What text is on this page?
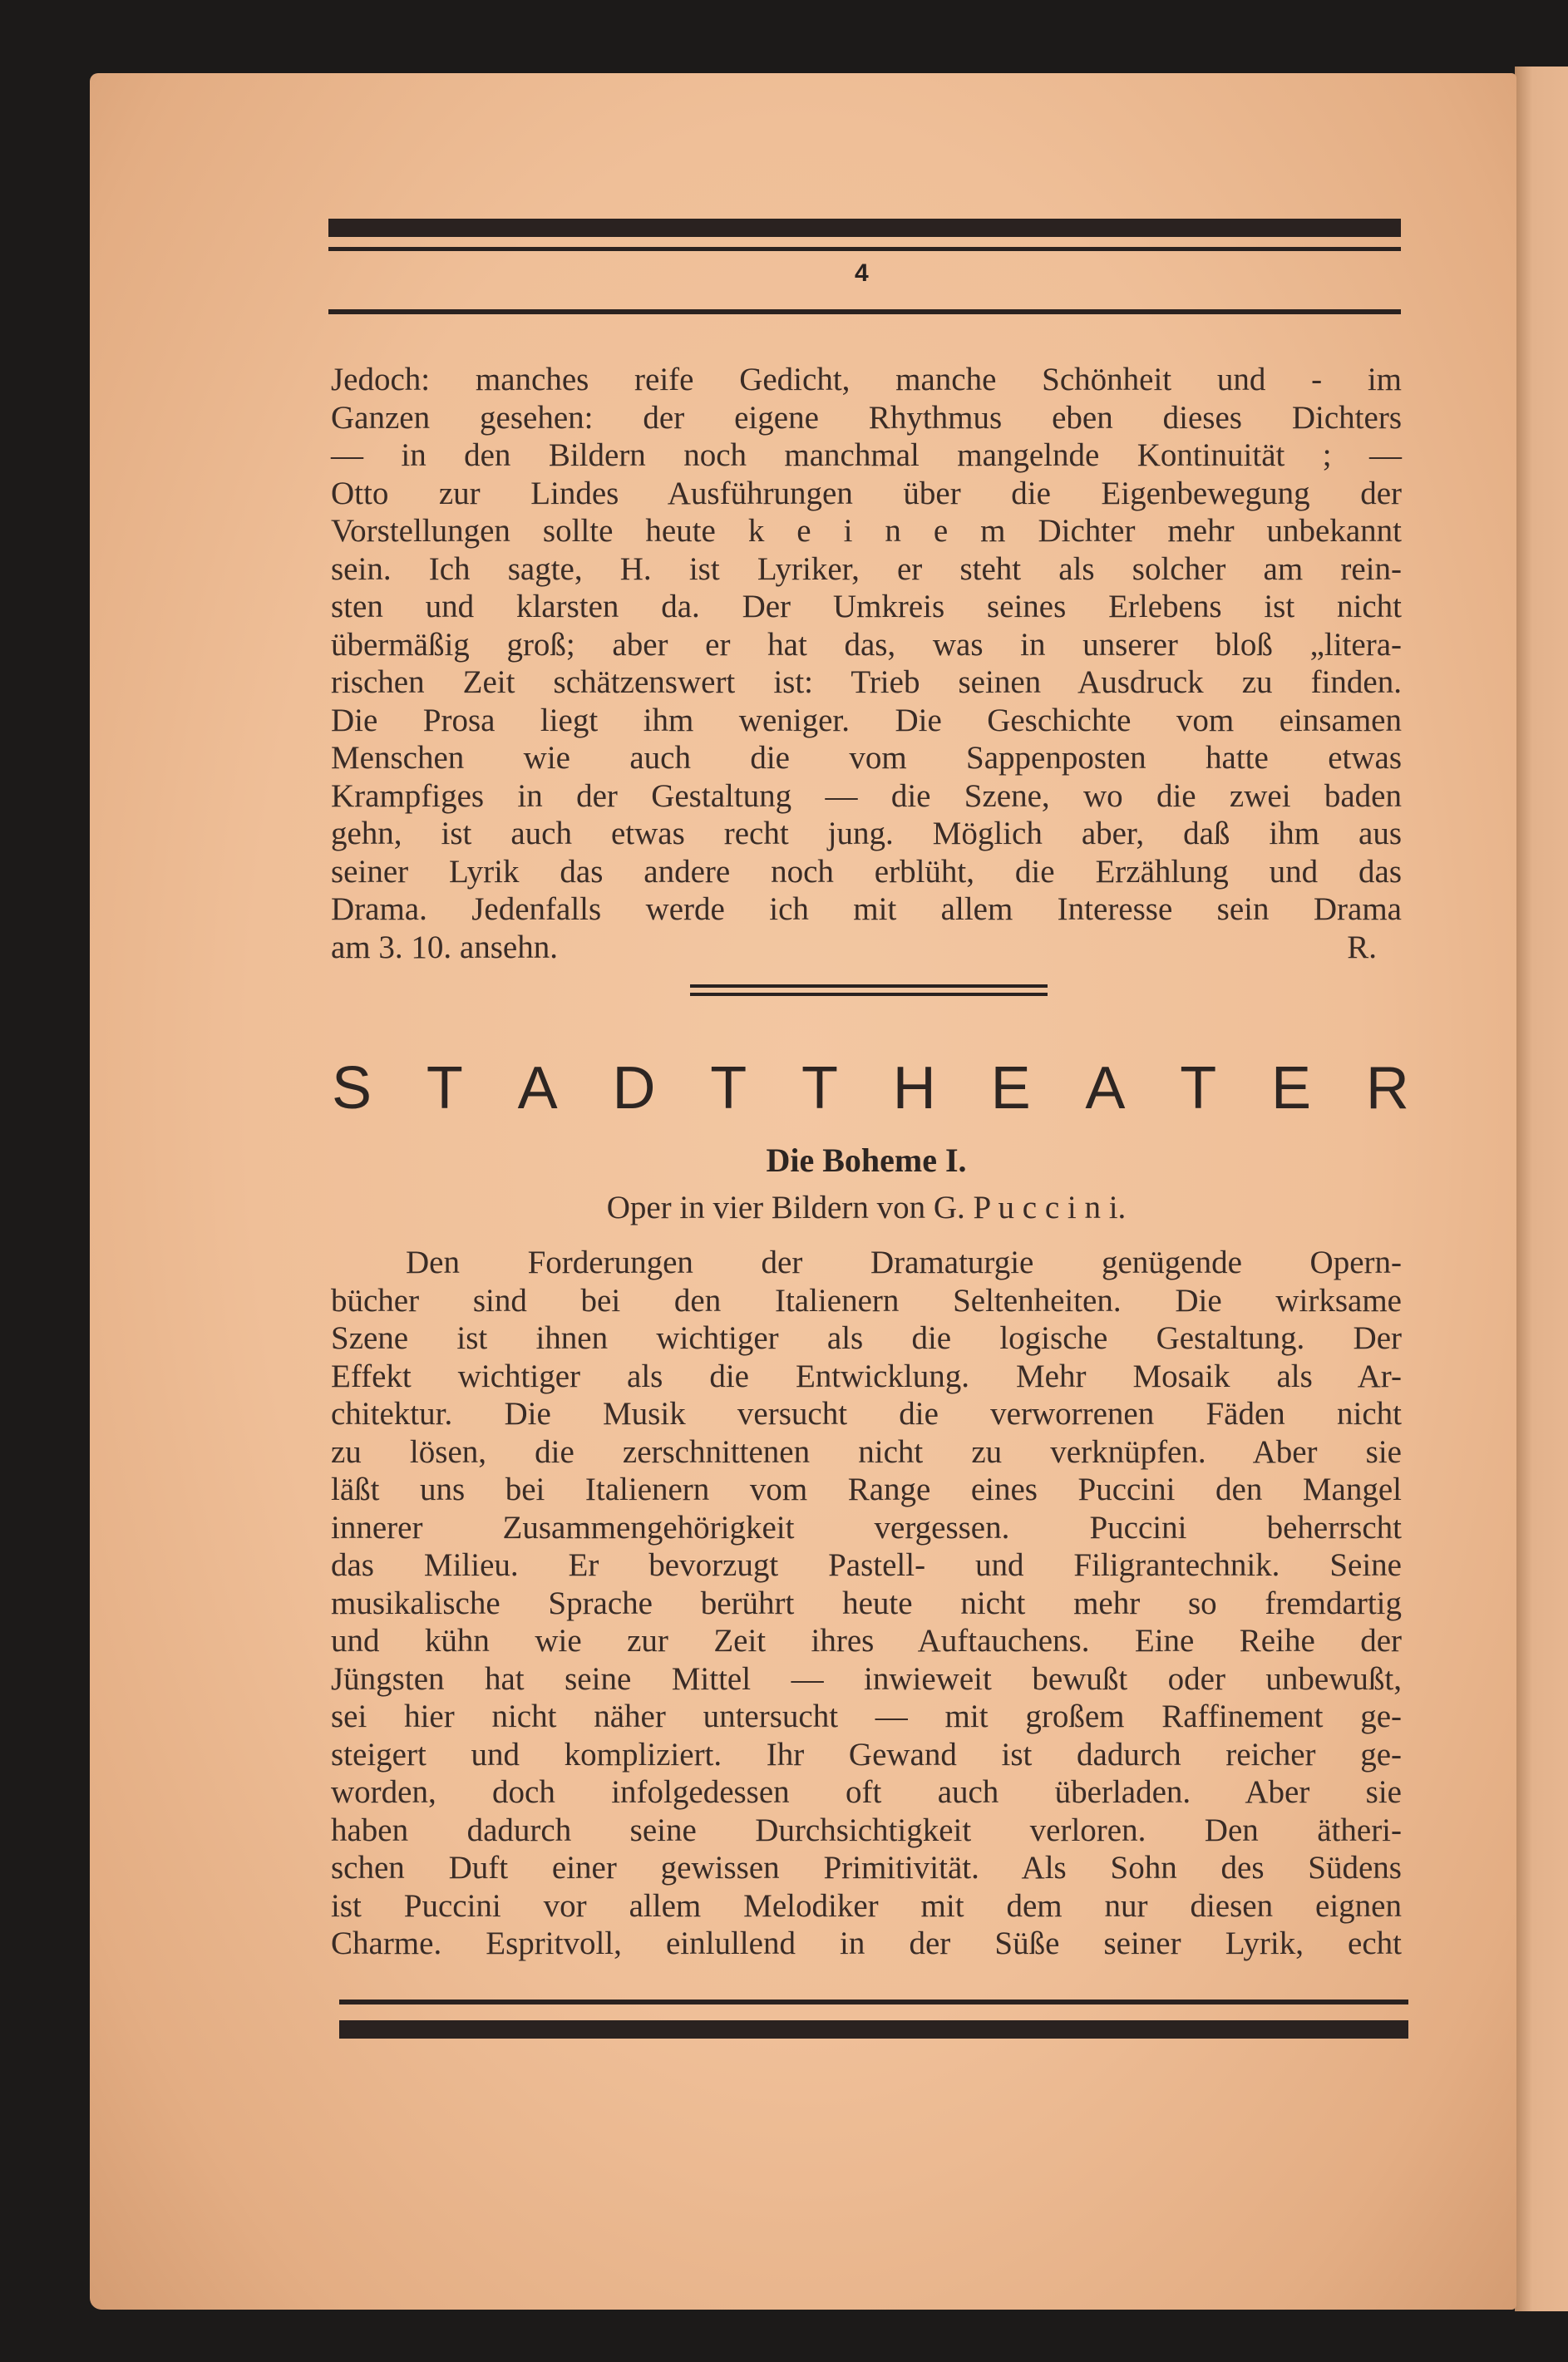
4
Jedoch: manches reife Gedicht, manche Schönheit und - im
Ganzen gesehen: der eigene Rhythmus eben dieses Dichters
— in den Bildern noch manchmal mangelnde Kontinuität ; —
Otto zur Lindes Ausführungen über die Eigenbewegung der
Vorstellungen sollte heute k e i n e m Dichter mehr unbekannt
sein. Ich sagte, H. ist Lyriker, er steht als solcher am rein-
sten und klarsten da. Der Umkreis seines Erlebens ist nicht
übermäßig groß; aber er hat das, was in unserer bloß „litera-
rischen Zeit schätzenswert ist: Trieb seinen Ausdruck zu finden.
Die Prosa liegt ihm weniger. Die Geschichte vom einsamen
Menschen wie auch die vom Sappenposten hatte etwas
Krampfiges in der Gestaltung — die Szene, wo die zwei baden
gehn, ist auch etwas recht jung. Möglich aber, daß ihm aus
seiner Lyrik das andere noch erblüht, die Erzählung und das
Drama. Jedenfalls werde ich mit allem Interesse sein Drama
am 3. 10. ansehn.	R.
S T A D T T H E A T E R
Die Boheme I.
Oper in vier Bildern von G. P u c c i n i.
Den Forderungen der Dramaturgie genügende Opern-
bücher sind bei den Italienern Seltenheiten. Die wirksame
Szene ist ihnen wichtiger als die logische Gestaltung. Der
Effekt wichtiger als die Entwicklung. Mehr Mosaik als Ar-
chitektur. Die Musik versucht die verworrenen Fäden nicht
zu lösen, die zerschnittenen nicht zu verknüpfen. Aber sie
läßt uns bei Italienern vom Range eines Puccini den Mangel
innerer Zusammengehörigkeit vergessen. Puccini beherrscht
das Milieu. Er bevorzugt Pastell- und Filigrantechnik. Seine
musikalische Sprache berührt heute nicht mehr so fremdartig
und kühn wie zur Zeit ihres Auftauchens. Eine Reihe der
Jüngsten hat seine Mittel — inwieweit bewußt oder unbewußt,
sei hier nicht näher untersucht — mit großem Raffinement ge-
steigert und kompliziert. Ihr Gewand ist dadurch reicher ge-
worden, doch infolgedessen oft auch überladen. Aber sie
haben dadurch seine Durchsichtigkeit verloren. Den ätheri-
schen Duft einer gewissen Primitivität. Als Sohn des Südens
ist Puccini vor allem Melodiker mit dem nur diesen eignen
Charme. Espritvoll, einlullend in der Süße seiner Lyrik, echt
